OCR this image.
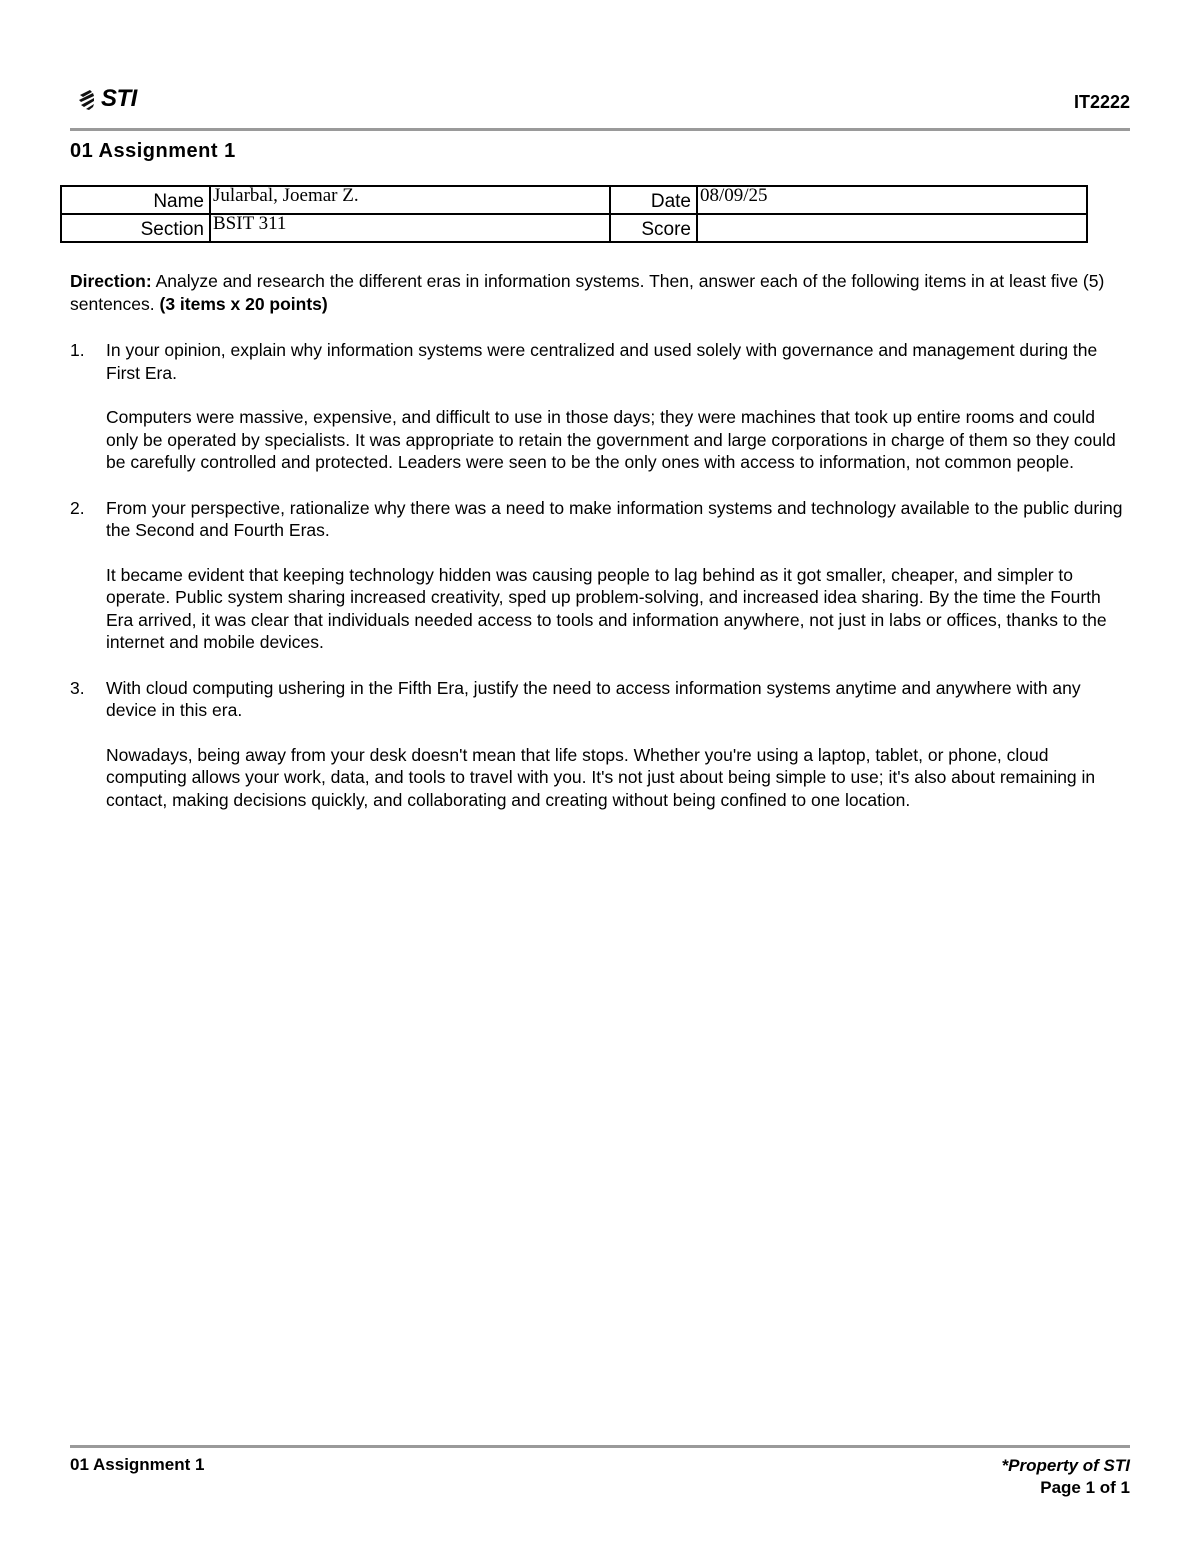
STI	IT2222
01 Assignment 1
Name	Jularbal, Joemar Z.	Date	08/09/25
Section	BSIT 311	Score	

Direction: Analyze and research the different eras in information systems. Then, answer each of the following items in at least five (5) sentences. (3 items x 20 points)

1.	In your opinion, explain why information systems were centralized and used solely with governance and management during the First Era.

Computers were massive, expensive, and difficult to use in those days; they were machines that took up entire rooms and could only be operated by specialists. It was appropriate to retain the government and large corporations in charge of them so they could be carefully controlled and protected. Leaders were seen to be the only ones with access to information, not common people.

2.	From your perspective, rationalize why there was a need to make information systems and technology available to the public during the Second and Fourth Eras.

It became evident that keeping technology hidden was causing people to lag behind as it got smaller, cheaper, and simpler to operate. Public system sharing increased creativity, sped up problem-solving, and increased idea sharing. By the time the Fourth Era arrived, it was clear that individuals needed access to tools and information anywhere, not just in labs or offices, thanks to the internet and mobile devices.

3.	With cloud computing ushering in the Fifth Era, justify the need to access information systems anytime and anywhere with any device in this era.

Nowadays, being away from your desk doesn't mean that life stops. Whether you're using a laptop, tablet, or phone, cloud computing allows your work, data, and tools to travel with you. It's not just about being simple to use; it's also about remaining in contact, making decisions quickly, and collaborating and creating without being confined to one location.

01 Assignment 1	*Property of STI
Page 1 of 1
